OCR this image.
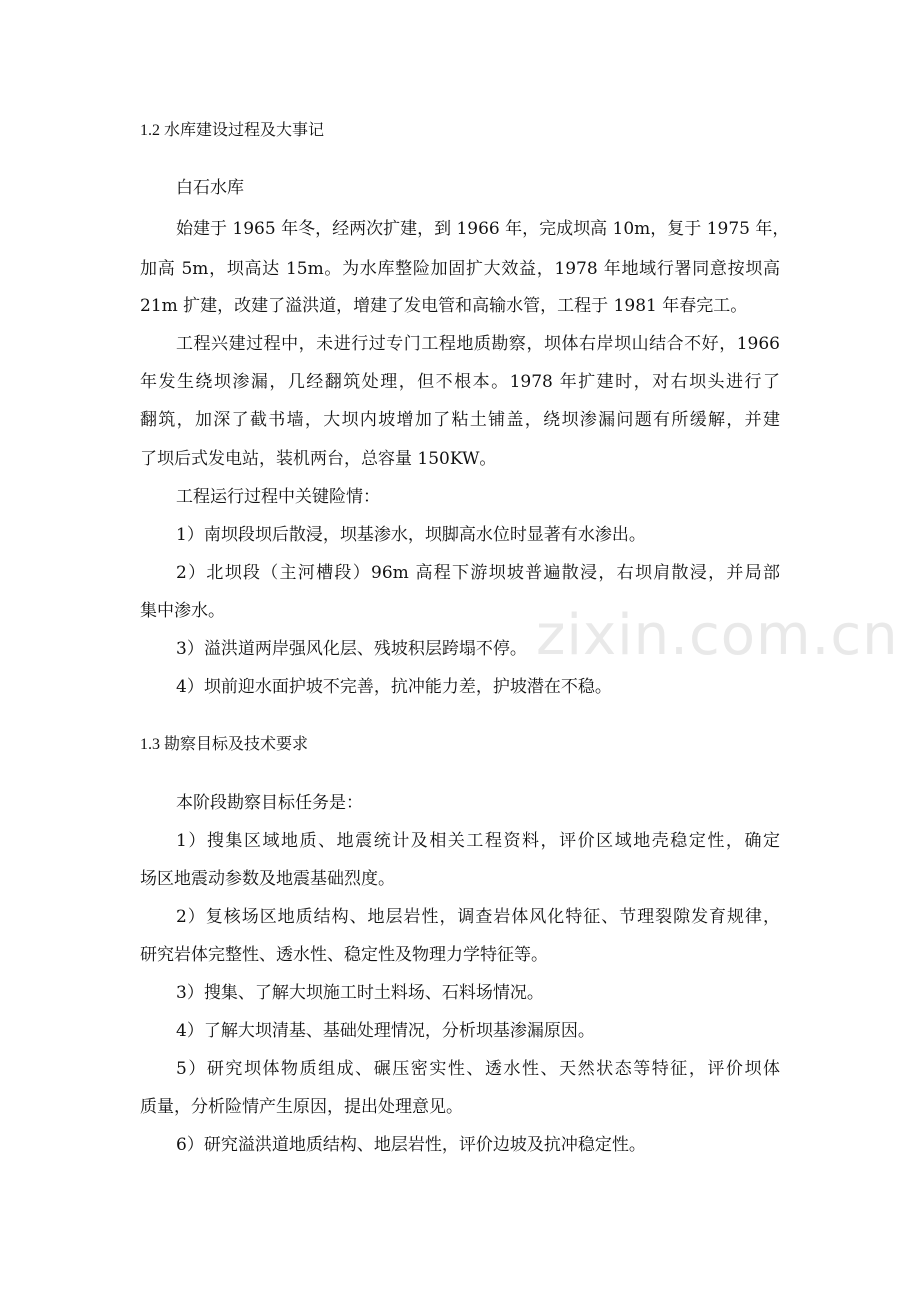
zixin.com.cn

1.2 水库建设过程及大事记

白石水库

始建于 1965 年冬，经两次扩建，到 1966 年，完成坝高 10m，复于 1975 年，

加高 5m，坝高达 15m。为水库整险加固扩大效益，1978 年地域行署同意按坝高

21m 扩建，改建了溢洪道，增建了发电管和高输水管，工程于 1981 年春完工。

工程兴建过程中，未进行过专门工程地质勘察，坝体右岸坝山结合不好，1966

年发生绕坝渗漏，几经翻筑处理，但不根本。1978 年扩建时，对右坝头进行了

翻筑，加深了截书墙，大坝内坡增加了粘土铺盖，绕坝渗漏问题有所缓解，并建

了坝后式发电站，装机两台，总容量 150KW。

工程运行过程中关键险情：

1）南坝段坝后散浸，坝基渗水，坝脚高水位时显著有水渗出。

2）北坝段（主河槽段）96m 高程下游坝坡普遍散浸，右坝肩散浸，并局部

集中渗水。

3）溢洪道两岸强风化层、残坡积层跨塌不停。

4）坝前迎水面护坡不完善，抗冲能力差，护坡潜在不稳。

1.3 勘察目标及技术要求

本阶段勘察目标任务是：

1）搜集区域地质、地震统计及相关工程资料，评价区域地壳稳定性，确定

场区地震动参数及地震基础烈度。

2）复核场区地质结构、地层岩性，调查岩体风化特征、节理裂隙发育规律，

研究岩体完整性、透水性、稳定性及物理力学特征等。

3）搜集、了解大坝施工时土料场、石料场情况。

4）了解大坝清基、基础处理情况，分析坝基渗漏原因。

5）研究坝体物质组成、碾压密实性、透水性、天然状态等特征，评价坝体

质量，分析险情产生原因，提出处理意见。

6）研究溢洪道地质结构、地层岩性，评价边坡及抗冲稳定性。
